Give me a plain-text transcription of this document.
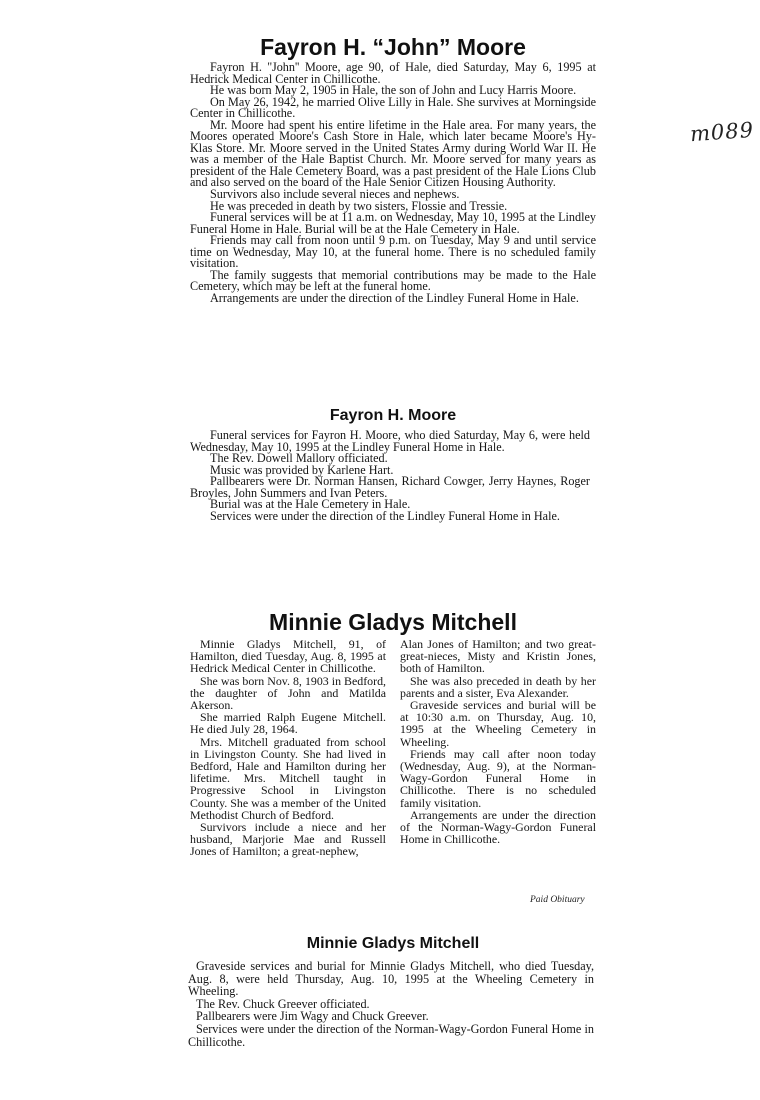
Fayron H. “John” Moore

Fayron H. ''John'' Moore, age 90, of Hale, died Saturday, May 6, 1995 at Hedrick Medical Center in Chillicothe.

He was born May 2, 1905 in Hale, the son of John and Lucy Harris Moore.

On May 26, 1942, he married Olive Lilly in Hale. She survives at Morningside Center in Chillicothe.

Mr. Moore had spent his entire lifetime in the Hale area. For many years, the Moores operated Moore's Cash Store in Hale, which later became Moore's Hy-Klas Store. Mr. Moore served in the United States Army during World War II. He was a member of the Hale Baptist Church. Mr. Moore served for many years as president of the Hale Cemetery Board, was a past president of the Hale Lions Club and also served on the board of the Hale Senior Citizen Housing Authority.

Survivors also include several nieces and nephews.

He was preceded in death by two sisters, Flossie and Tressie.

Funeral services will be at 11 a.m. on Wednesday, May 10, 1995 at the Lindley Funeral Home in Hale. Burial will be at the Hale Cemetery in Hale.

Friends may call from noon until 9 p.m. on Tuesday, May 9 and until service time on Wednesday, May 10, at the funeral home. There is no scheduled family visitation.

The family suggests that memorial contributions may be made to the Hale Cemetery, which may be left at the funeral home.

Arrangements are under the direction of the Lindley Funeral Home in Hale.

m089
Fayron H. Moore

Funeral services for Fayron H. Moore, who died Saturday, May 6, were held Wednesday, May 10, 1995 at the Lindley Funeral Home in Hale.

The Rev. Dowell Mallory officiated.

Music was provided by Karlene Hart.

Pallbearers were Dr. Norman Hansen, Richard Cowger, Jerry Haynes, Roger Broyles, John Summers and Ivan Peters.

Burial was at the Hale Cemetery in Hale.

Services were under the direction of the Lindley Funeral Home in Hale.

Minnie Gladys Mitchell

Minnie Gladys Mitchell, 91, of Hamilton, died Tuesday, Aug. 8, 1995 at Hedrick Medical Center in Chillicothe.

She was born Nov. 8, 1903 in Bedford, the daughter of John and Matilda Akerson.

She married Ralph Eugene Mitchell. He died July 28, 1964.

Mrs. Mitchell graduated from school in Livingston County. She had lived in Bedford, Hale and Hamilton during her lifetime. Mrs. Mitchell taught in Progressive School in Livingston County. She was a member of the United Methodist Church of Bedford.

Survivors include a niece and her husband, Marjorie Mae and Russell Jones of Hamilton; a great-nephew,

Alan Jones of Hamilton; and two great-great-nieces, Misty and Kristin Jones, both of Hamilton.

She was also preceded in death by her parents and a sister, Eva Alexander.

Graveside services and burial will be at 10:30 a.m. on Thursday, Aug. 10, 1995 at the Wheeling Cemetery in Wheeling.

Friends may call after noon today (Wednesday, Aug. 9), at the Norman-Wagy-Gordon Funeral Home in Chillicothe. There is no scheduled family visitation.

Arrangements are under the direction of the Norman-Wagy-Gordon Funeral Home in Chillicothe.

Paid Obituary
Minnie Gladys Mitchell

Graveside services and burial for Minnie Gladys Mitchell, who died Tuesday, Aug. 8, were held Thursday, Aug. 10, 1995 at the Wheeling Cemetery in Wheeling.

The Rev. Chuck Greever officiated.

Pallbearers were Jim Wagy and Chuck Greever.

Services were under the direction of the Norman-Wagy-Gordon Funeral Home in Chillicothe.
